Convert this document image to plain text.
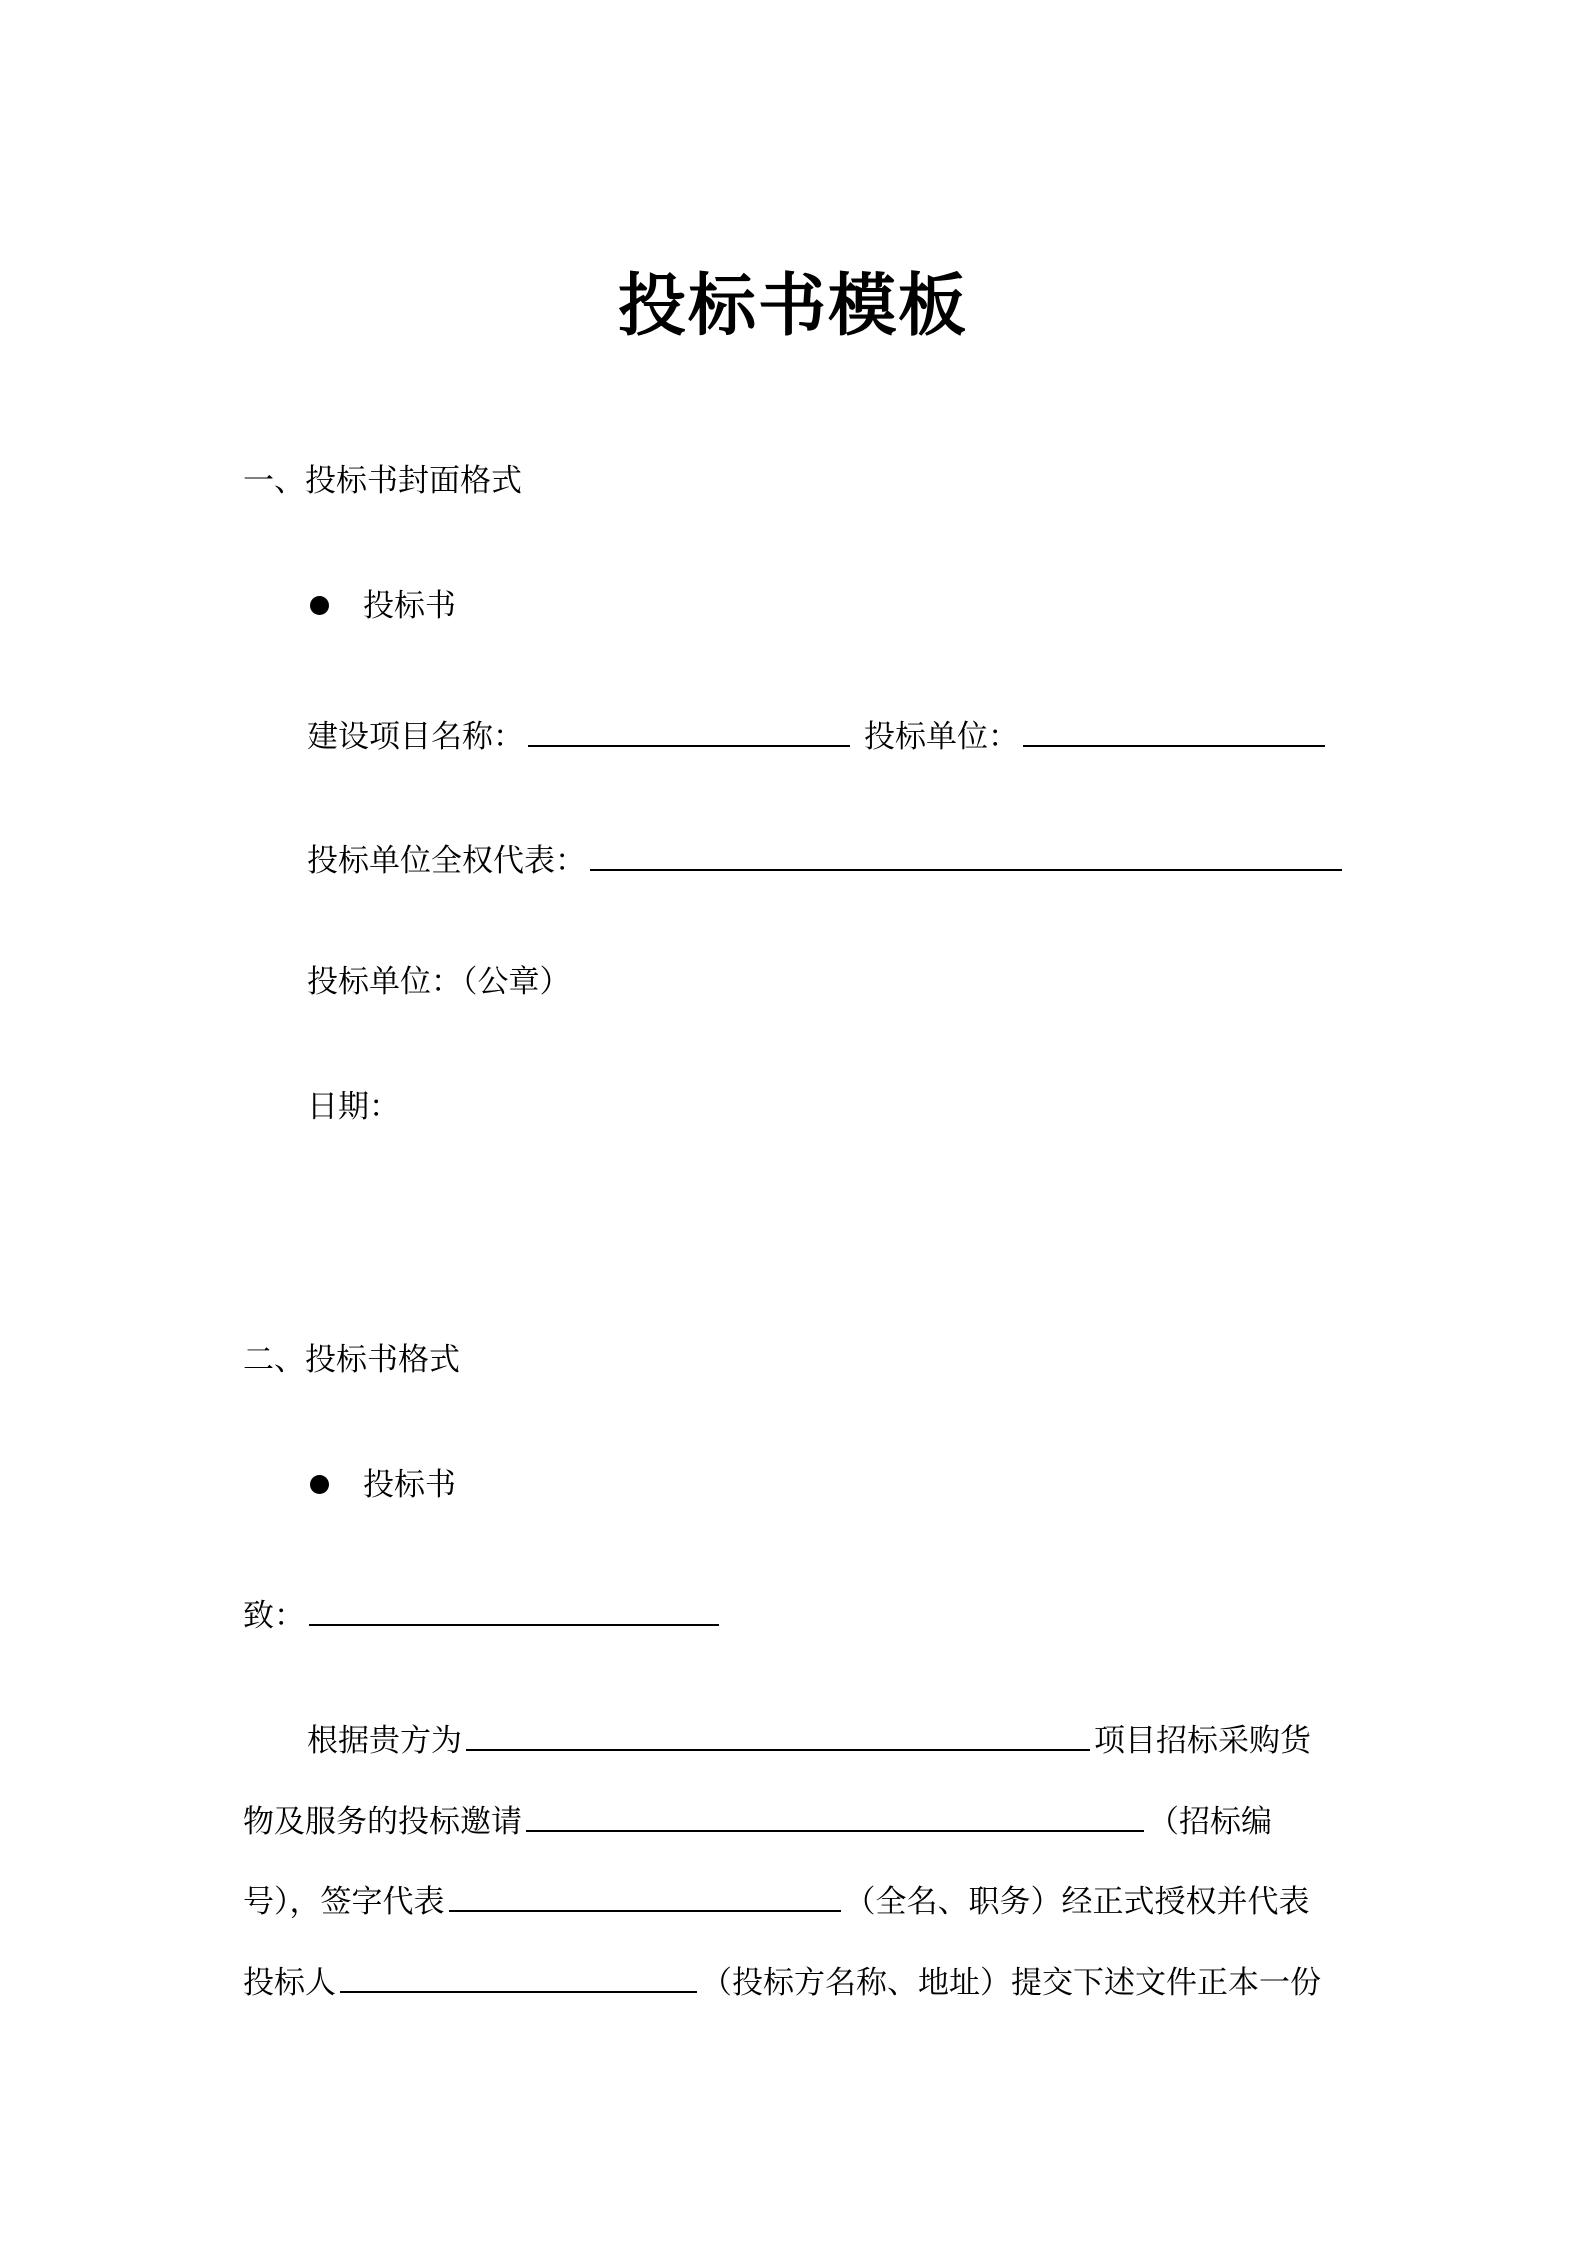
投标书模板
一、投标书封面格式
投标书
建设项目名称：	投标单位：
投标单位全权代表：
投标单位：（公章）
日期：
二、投标书格式
投标书
致：
根据贵方为	项目招标采购货
物及服务的投标邀请	（招标编
号），签字代表	（全名、职务）经正式授权并代表
投标人	（投标方名称、地址）提交下述文件正本一份
